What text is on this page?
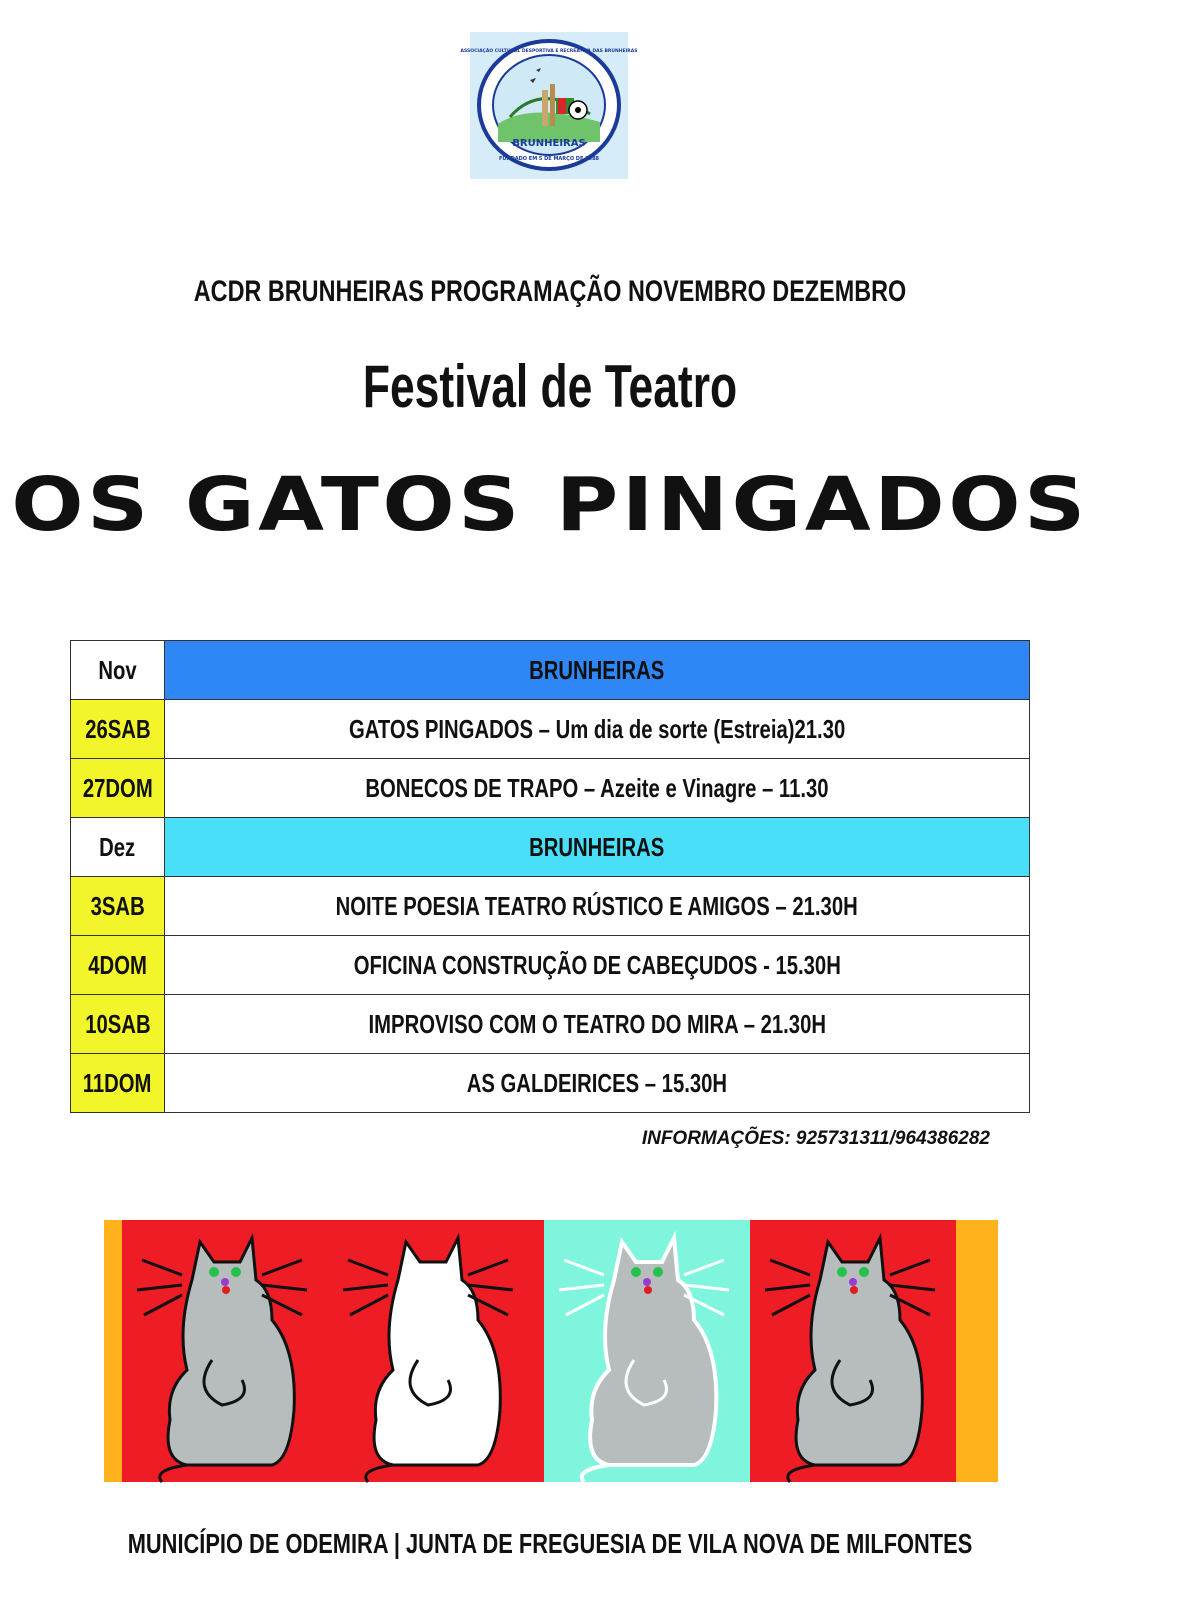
BRUNHEIRAS
FUNDADO EM 5 DE MARÇO DE 1988
ASSOCIAÇÃO CULTURAL DESPORTIVA E RECREATIVA DAS BRUNHEIRAS
ACDR BRUNHEIRAS PROGRAMAÇÃO NOVEMBRO DEZEMBRO
Festival de Teatro
OS GATOS PINGADOS
Nov	BRUNHEIRAS
26SAB	GATOS PINGADOS – Um dia de sorte (Estreia)21.30
27DOM	BONECOS DE TRAPO – Azeite e Vinagre – 11.30
Dez	BRUNHEIRAS
3SAB	NOITE POESIA TEATRO RÚSTICO E AMIGOS – 21.30H
4DOM	OFICINA CONSTRUÇÃO DE CABEÇUDOS - 15.30H
10SAB	IMPROVISO COM O TEATRO DO MIRA – 21.30H
11DOM	AS GALDEIRICES – 15.30H
INFORMAÇÕES: 925731311/964386282
MUNICÍPIO DE ODEMIRA | JUNTA DE FREGUESIA DE VILA NOVA DE MILFONTES
